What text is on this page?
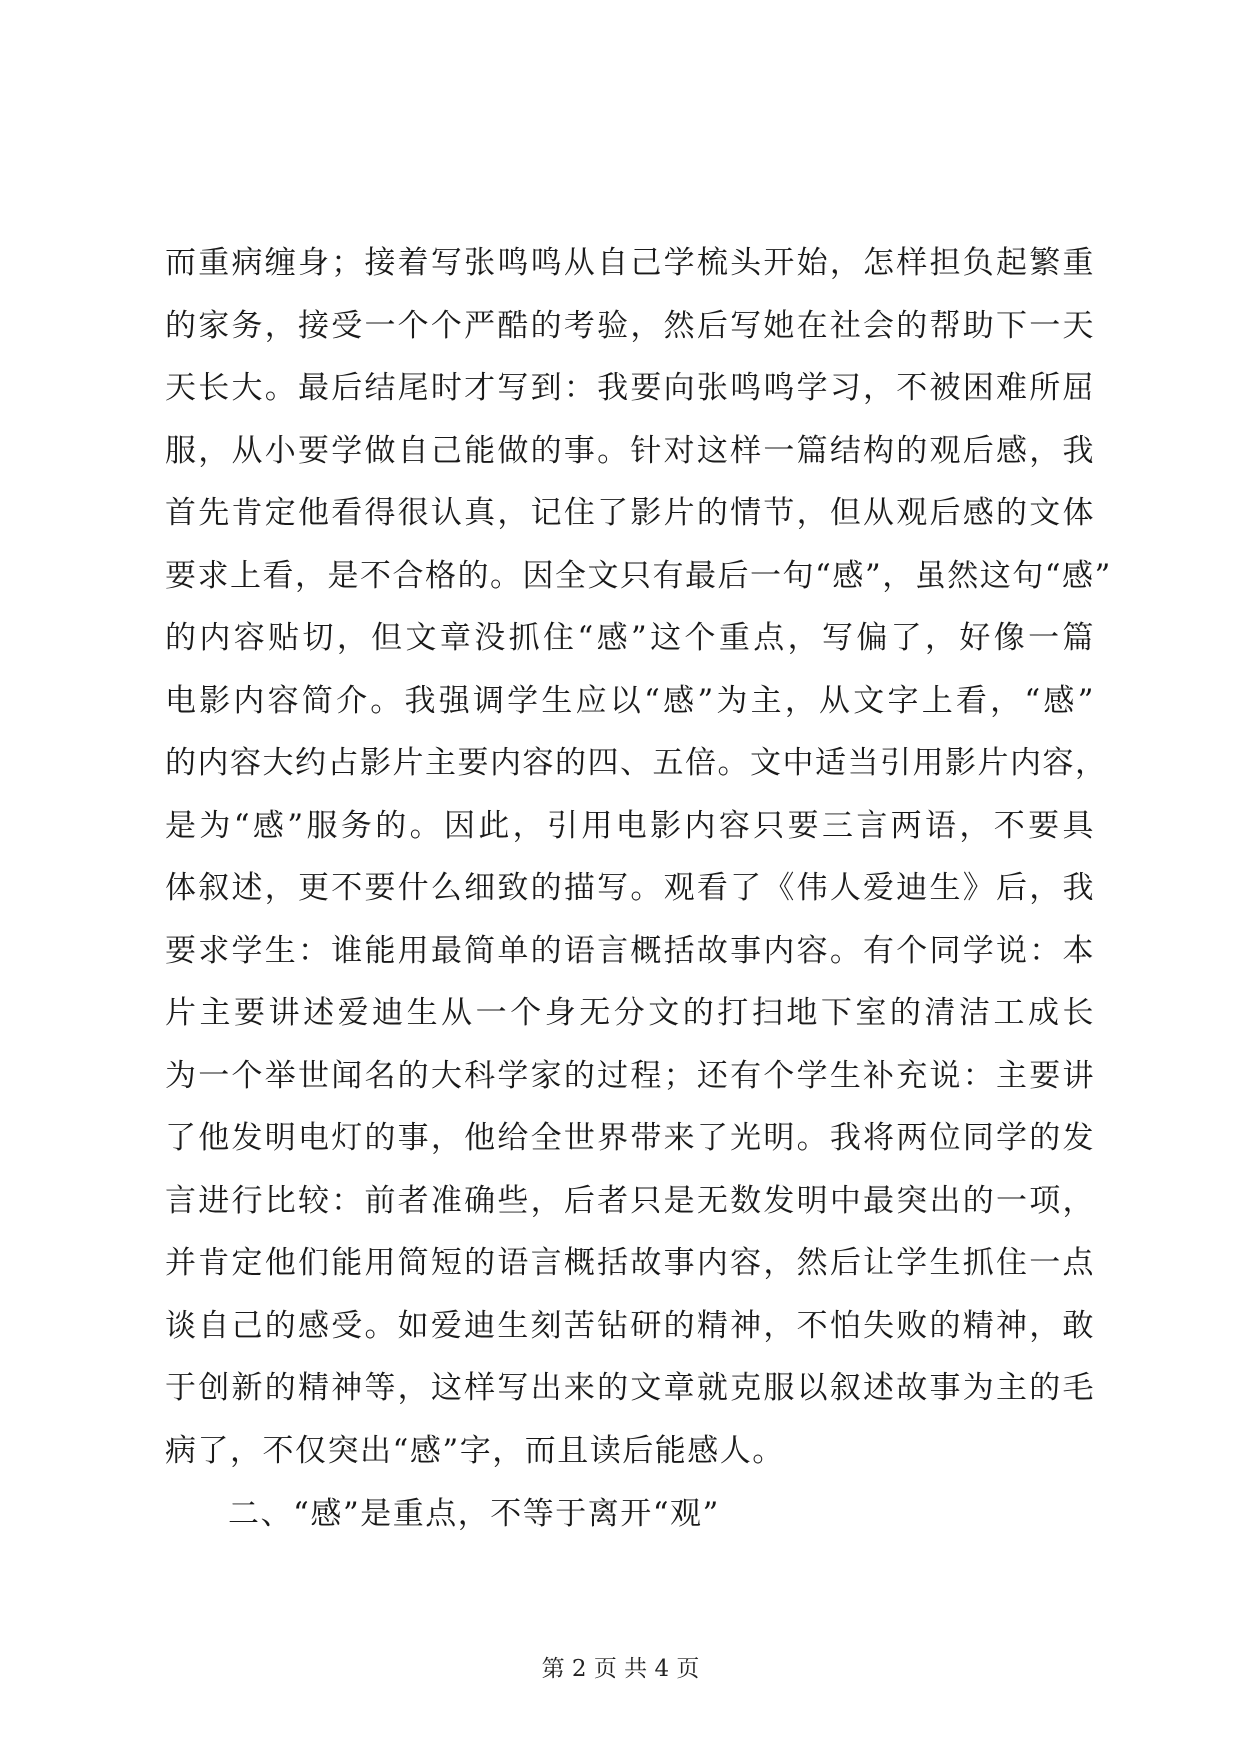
而重病缠身；接着写张鸣鸣从自己学梳头开始，怎样担负起繁重
的家务，接受一个个严酷的考验，然后写她在社会的帮助下一天
天长大。最后结尾时才写到：我要向张鸣鸣学习，不被困难所屈
服，从小要学做自己能做的事。针对这样一篇结构的观后感，我
首先肯定他看得很认真，记住了影片的情节，但从观后感的文体
要求上看，是不合格的。因全文只有最后一句“感”，虽然这句“感”
的内容贴切，但文章没抓住“感”这个重点，写偏了，好像一篇
电影内容简介。我强调学生应以“感”为主，从文字上看，“感”
的内容大约占影片主要内容的四、五倍。文中适当引用影片内容，
是为“感”服务的。因此，引用电影内容只要三言两语，不要具
体叙述，更不要什么细致的描写。观看了《伟人爱迪生》后，我
要求学生：谁能用最简单的语言概括故事内容。有个同学说：本
片主要讲述爱迪生从一个身无分文的打扫地下室的清洁工成长
为一个举世闻名的大科学家的过程；还有个学生补充说：主要讲
了他发明电灯的事，他给全世界带来了光明。我将两位同学的发
言进行比较：前者准确些，后者只是无数发明中最突出的一项，
并肯定他们能用简短的语言概括故事内容，然后让学生抓住一点
谈自己的感受。如爱迪生刻苦钻研的精神，不怕失败的精神，敢
于创新的精神等，这样写出来的文章就克服以叙述故事为主的毛
病了，不仅突出“感”字，而且读后能感人。
二、“感”是重点，不等于离开“观”
第 2 页 共 4 页
